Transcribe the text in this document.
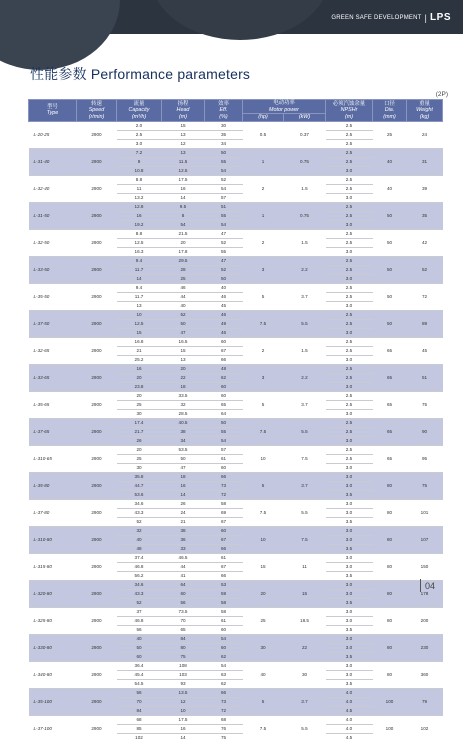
GREEN SAFE DEVELOPMENT | LPS
性能参数 Performance parameters
(2P)
型号
Type	转速
Speed
(r/min)	流量
Capacity
(m³/h)	扬程
Head
(m)	效率
Eff.
(%)	电动功率
Motor power		必须汽蚀余量
NPSHr
(m)	口径
Dia.
(mm)	重量
Weight
(kg)
					(hp)	(kW)			
L-20-25	2900	2.0	15	30	0.5	0.37	2.5	25	24
		2.5	13	35			2.5		
		3.0	12	34			2.5		
L-31-40	2900	7.2	13	50	1	0.75	2.5	40	31
		9	11.5	55			2.5		
		10.8	12.5	54			3.0		
L-32-40	2900	8.8	17.5	52	2	1.5	2.5	40	39
		11	16	54			2.5		
		13.2	14	57			3.0		
L-31-50	2900	12.8	9.5	51	1	0.75	2.5	50	35
		16	8	55			2.5		
		19.2	54	54			3.0		
L-32-50	2900	8.8	21.5	47	2	1.5	2.5	50	42
		12.5	20	52			2.5		
		16.3	17.8	55			3.0		
L-33-50	2900	9.4	29.5	47	3	2.2	2.5	50	52
		11.7	28	52			2.5		
		14	25	50			3.0		
L-35-50	2900	9.4	46	40	5	3.7	2.5	50	72
		11.7	44	46			2.5		
		13	40	45			3.0		
L-37-50	2900	10	52	46	7.5	5.5	2.5	50	89
		12.5	50	49			2.5		
		15	47	46			3.0		
L-32-65	2900	16.8	16.5	60	2	1.5	2.5	65	45
		21	15	67			2.5		
		25.2	13	66			3.0		
L-33-65	2900	16	20	48	3	2.2	2.5	65	51
		20	22	62			2.5		
		23.8	18	60			3.0		
L-35-65	2900	20	33.5	60	5	3.7	2.5	65	75
		25	32	65			2.5		
		30	28.5	64			3.0		
L-37-65	2900	17.4	40.5	50	7.5	5.5	2.5	65	90
		21.7	38	55			2.5		
		26	34	54			3.0		
L-310-65	2900	20	53.5	57	10	7.5	2.5	65	95
		25	50	61			2.5		
		30	47	60			3.0		
L-35-80	2900	35.8	18	66	5	3.7	3.0	80	75
		44.7	16	73			3.0		
		53.6	14	72			3.5		
L-37-80	2900	34.6	26	58	7.5	5.5	3.0	80	101
		43.3	24	69			3.0		
		52	21	67			3.5		
L-310-80	2900	32	38	60	10	7.5	3.0	80	107
		40	36	67			3.0		
		48	33	66			3.5		
L-315-80	2900	37.4	46.5	61	15	11	3.0	80	150
		46.8	44	67			3.0		
		56.2	41	66			3.5		
L-320-80	2900	34.6	64	53	20	15	3.0	80	178
		43.3	60	59			3.0		
		52	56	58			3.5		
L-325-80	2900	37	73.5	58	25	18.5	3.0	80	200
		46.8	70	61			3.0		
		56	65	60			3.5		
L-330-80	2900	40	84	54	30	22	3.0	80	230
		50	80	60			3.0		
		60	75	62			3.5		
L-340-80	2900	36.4	108	54	40	30	3.0	80	360
		45.4	103	63			3.0		
		54.5	93	62			3.5		
L-35-100	2900	56	13.5	66	5	3.7	4.0	100	79
		70	12	73			4.0		
		84	10	72			4.5		
L-37-100	2900	68	17.5	68	7.5	5.5	4.0	100	102
		85	16	76			4.0		
		102	14	75			4.5		
04
